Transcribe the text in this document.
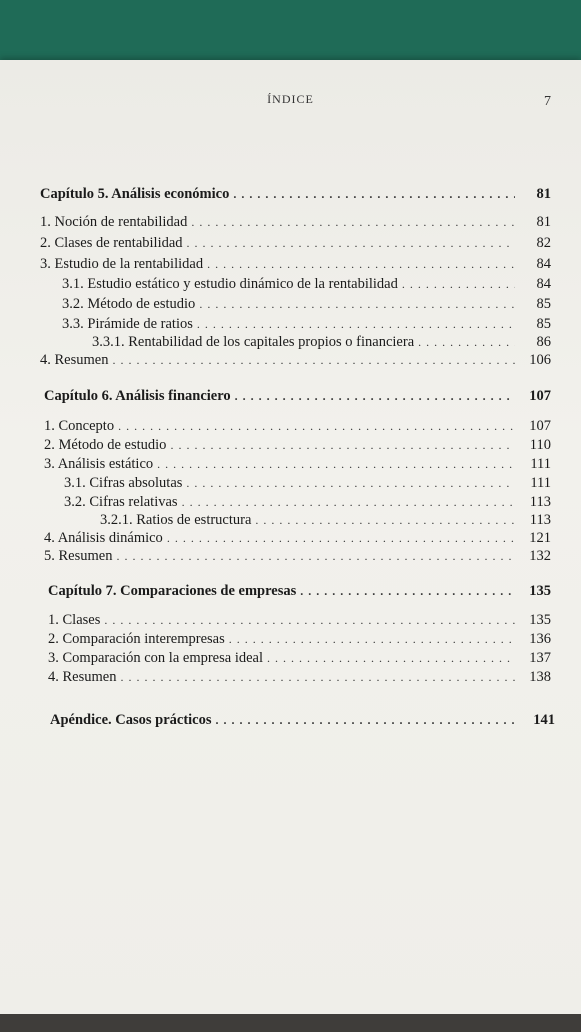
ÍNDICE	7
Capítulo 5. Análisis económico . . .	81
1. Noción de rentabilidad . . .	81
2. Clases de rentabilidad . . .	82
3. Estudio de la rentabilidad . . .	84
3.1. Estudio estático y estudio dinámico de la rentabilidad . . .	84
3.2. Método de estudio . . .	85
3.3. Pirámide de ratios . . .	85
3.3.1. Rentabilidad de los capitales propios o financiera . . .	86
4. Resumen . . .	106
Capítulo 6. Análisis financiero . . .	107
1. Concepto . . .	107
2. Método de estudio . . .	110
3. Análisis estático . . .	111
3.1. Cifras absolutas . . .	111
3.2. Cifras relativas . . .	113
3.2.1. Ratios de estructura . . .	113
4. Análisis dinámico . . .	121
5. Resumen . . .	132
Capítulo 7. Comparaciones de empresas . . .	135
1. Clases . . .	135
2. Comparación interempresas . . .	136
3. Comparación con la empresa ideal . . .	137
4. Resumen . . .	138
Apéndice. Casos prácticos . . .	141
